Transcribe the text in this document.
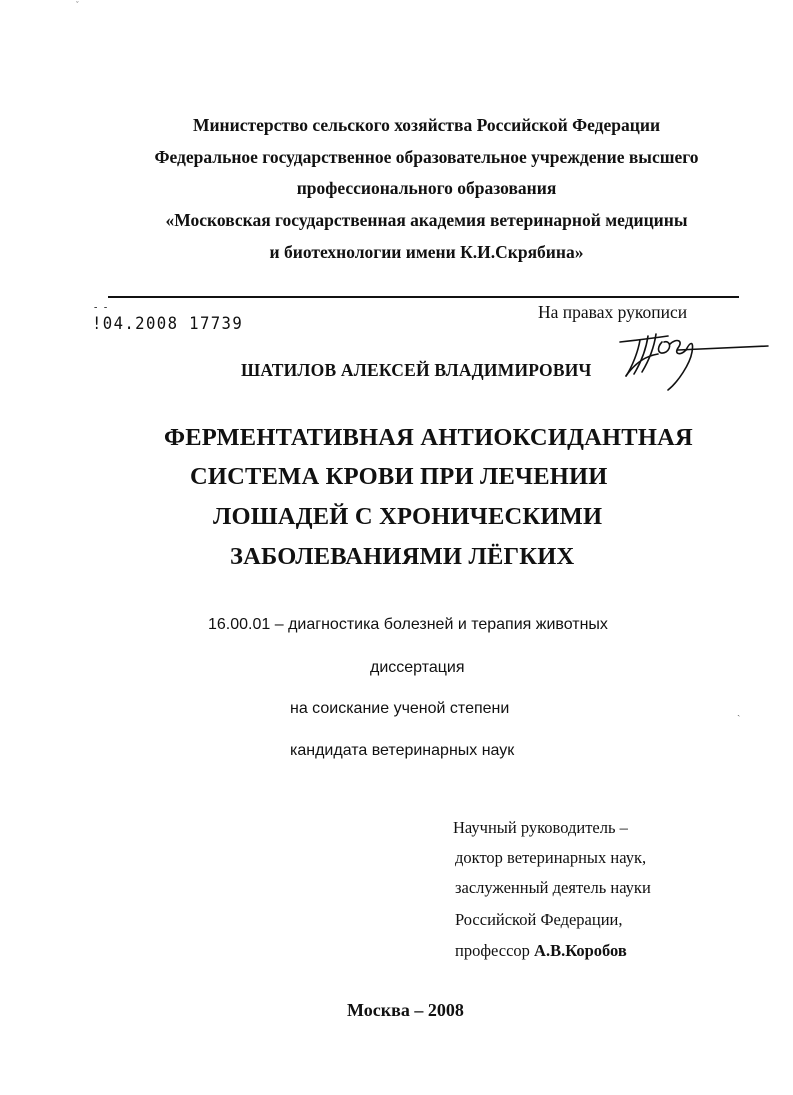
ˇ
Министерство сельского хозяйства Российской Федерации
Федеральное государственное образовательное учреждение высшего
профессионального образования
«Московская государственная академия ветеринарной медицины
и биотехнологии имени К.И.Скрябина»
- -
!04.2008 17739
На правах рукописи
ШАТИЛОВ АЛЕКСЕЙ ВЛАДИМИРОВИЧ
ФЕРМЕНТАТИВНАЯ АНТИОКСИДАНТНАЯ
СИСТЕМА КРОВИ ПРИ ЛЕЧЕНИИ
ЛОШАДЕЙ С ХРОНИЧЕСКИМИ
ЗАБОЛЕВАНИЯМИ ЛЁГКИХ
16.00.01 – диагностика болезней и терапия животных
диссертация
на соискание ученой степени
кандидата ветеринарных наук
ˏ
Научный руководитель –
доктор ветеринарных наук,
заслуженный деятель науки
Российской Федерации,
профессор А.В.Коробов
Москва – 2008
